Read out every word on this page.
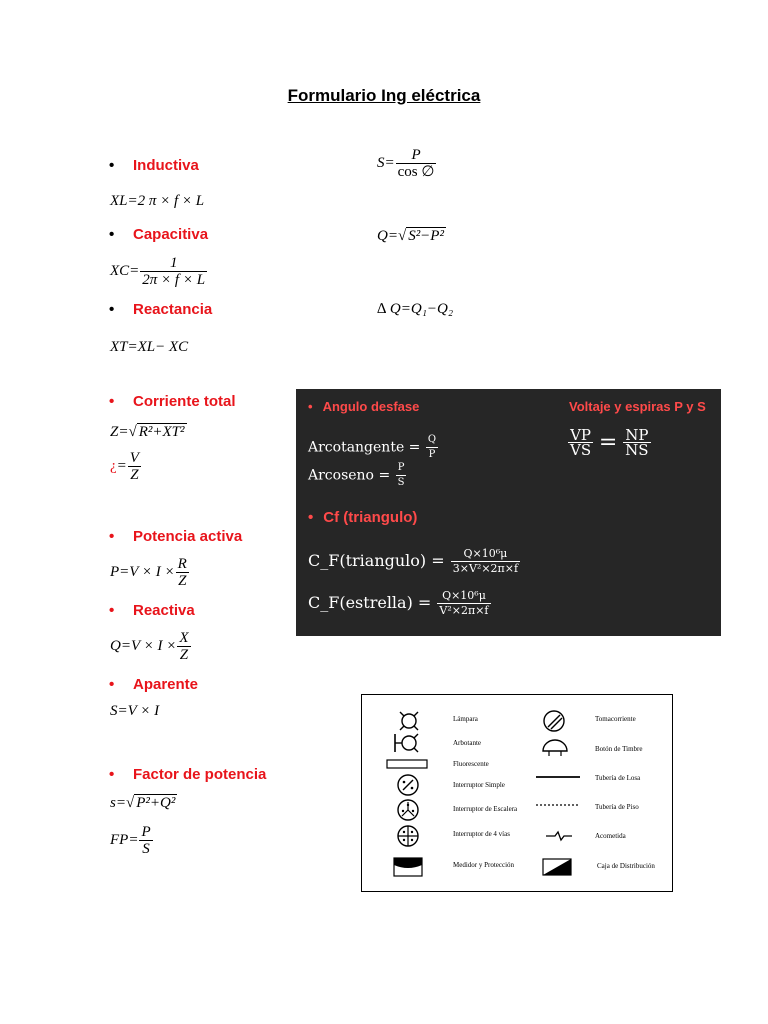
Formulario Ing eléctrica
• Inductiva
XL=2 π × f × L
• Capacitiva
$XC= \frac{1}{2\pi \times f \times L}$
• Reactancia
XT=XL− XC
• Corriente total
Z=√ R²+XT²
¿= $\frac{V}{Z}$
• Potencia activa
$P=V \times I \times \frac{R}{Z}$
• Reactiva
$Q=V \times I \times \frac{X}{Z}$
• Aparente
S=V × I
• Factor de potencia
s=√ P²+Q²
$FP= \frac{P}{S}$
$S= \frac{P}{\cos \emptyset}$
Q=√ S²−P²
∆ Q=Q₁−Q₂
• Angulo desfase	Voltaje y espiras P y S
Arcotangente = $\frac{Q}{P}$
Arcoseno = $\frac{P}{S}$
$\frac{VP}{VS} = \frac{NP}{NS}$
• Cf (triangulo)
C_F(triangulo) = $\frac{\text{Q×10⁶μ}}{\text{3×V²×2π×f}}$
C_F(estrella) = $\frac{\text{Q×10⁶μ}}{\text{V²×2π×f}}$
Lámpara
Arbotante
Fluorescente
Interruptor Simple
Interruptor de Escalera
Interruptor de 4 vías
Medidor y Protección
Tomacorriente
Botón de Timbre
Tubería de Losa
Tubería de Piso
Acometida
Caja de Distribución
